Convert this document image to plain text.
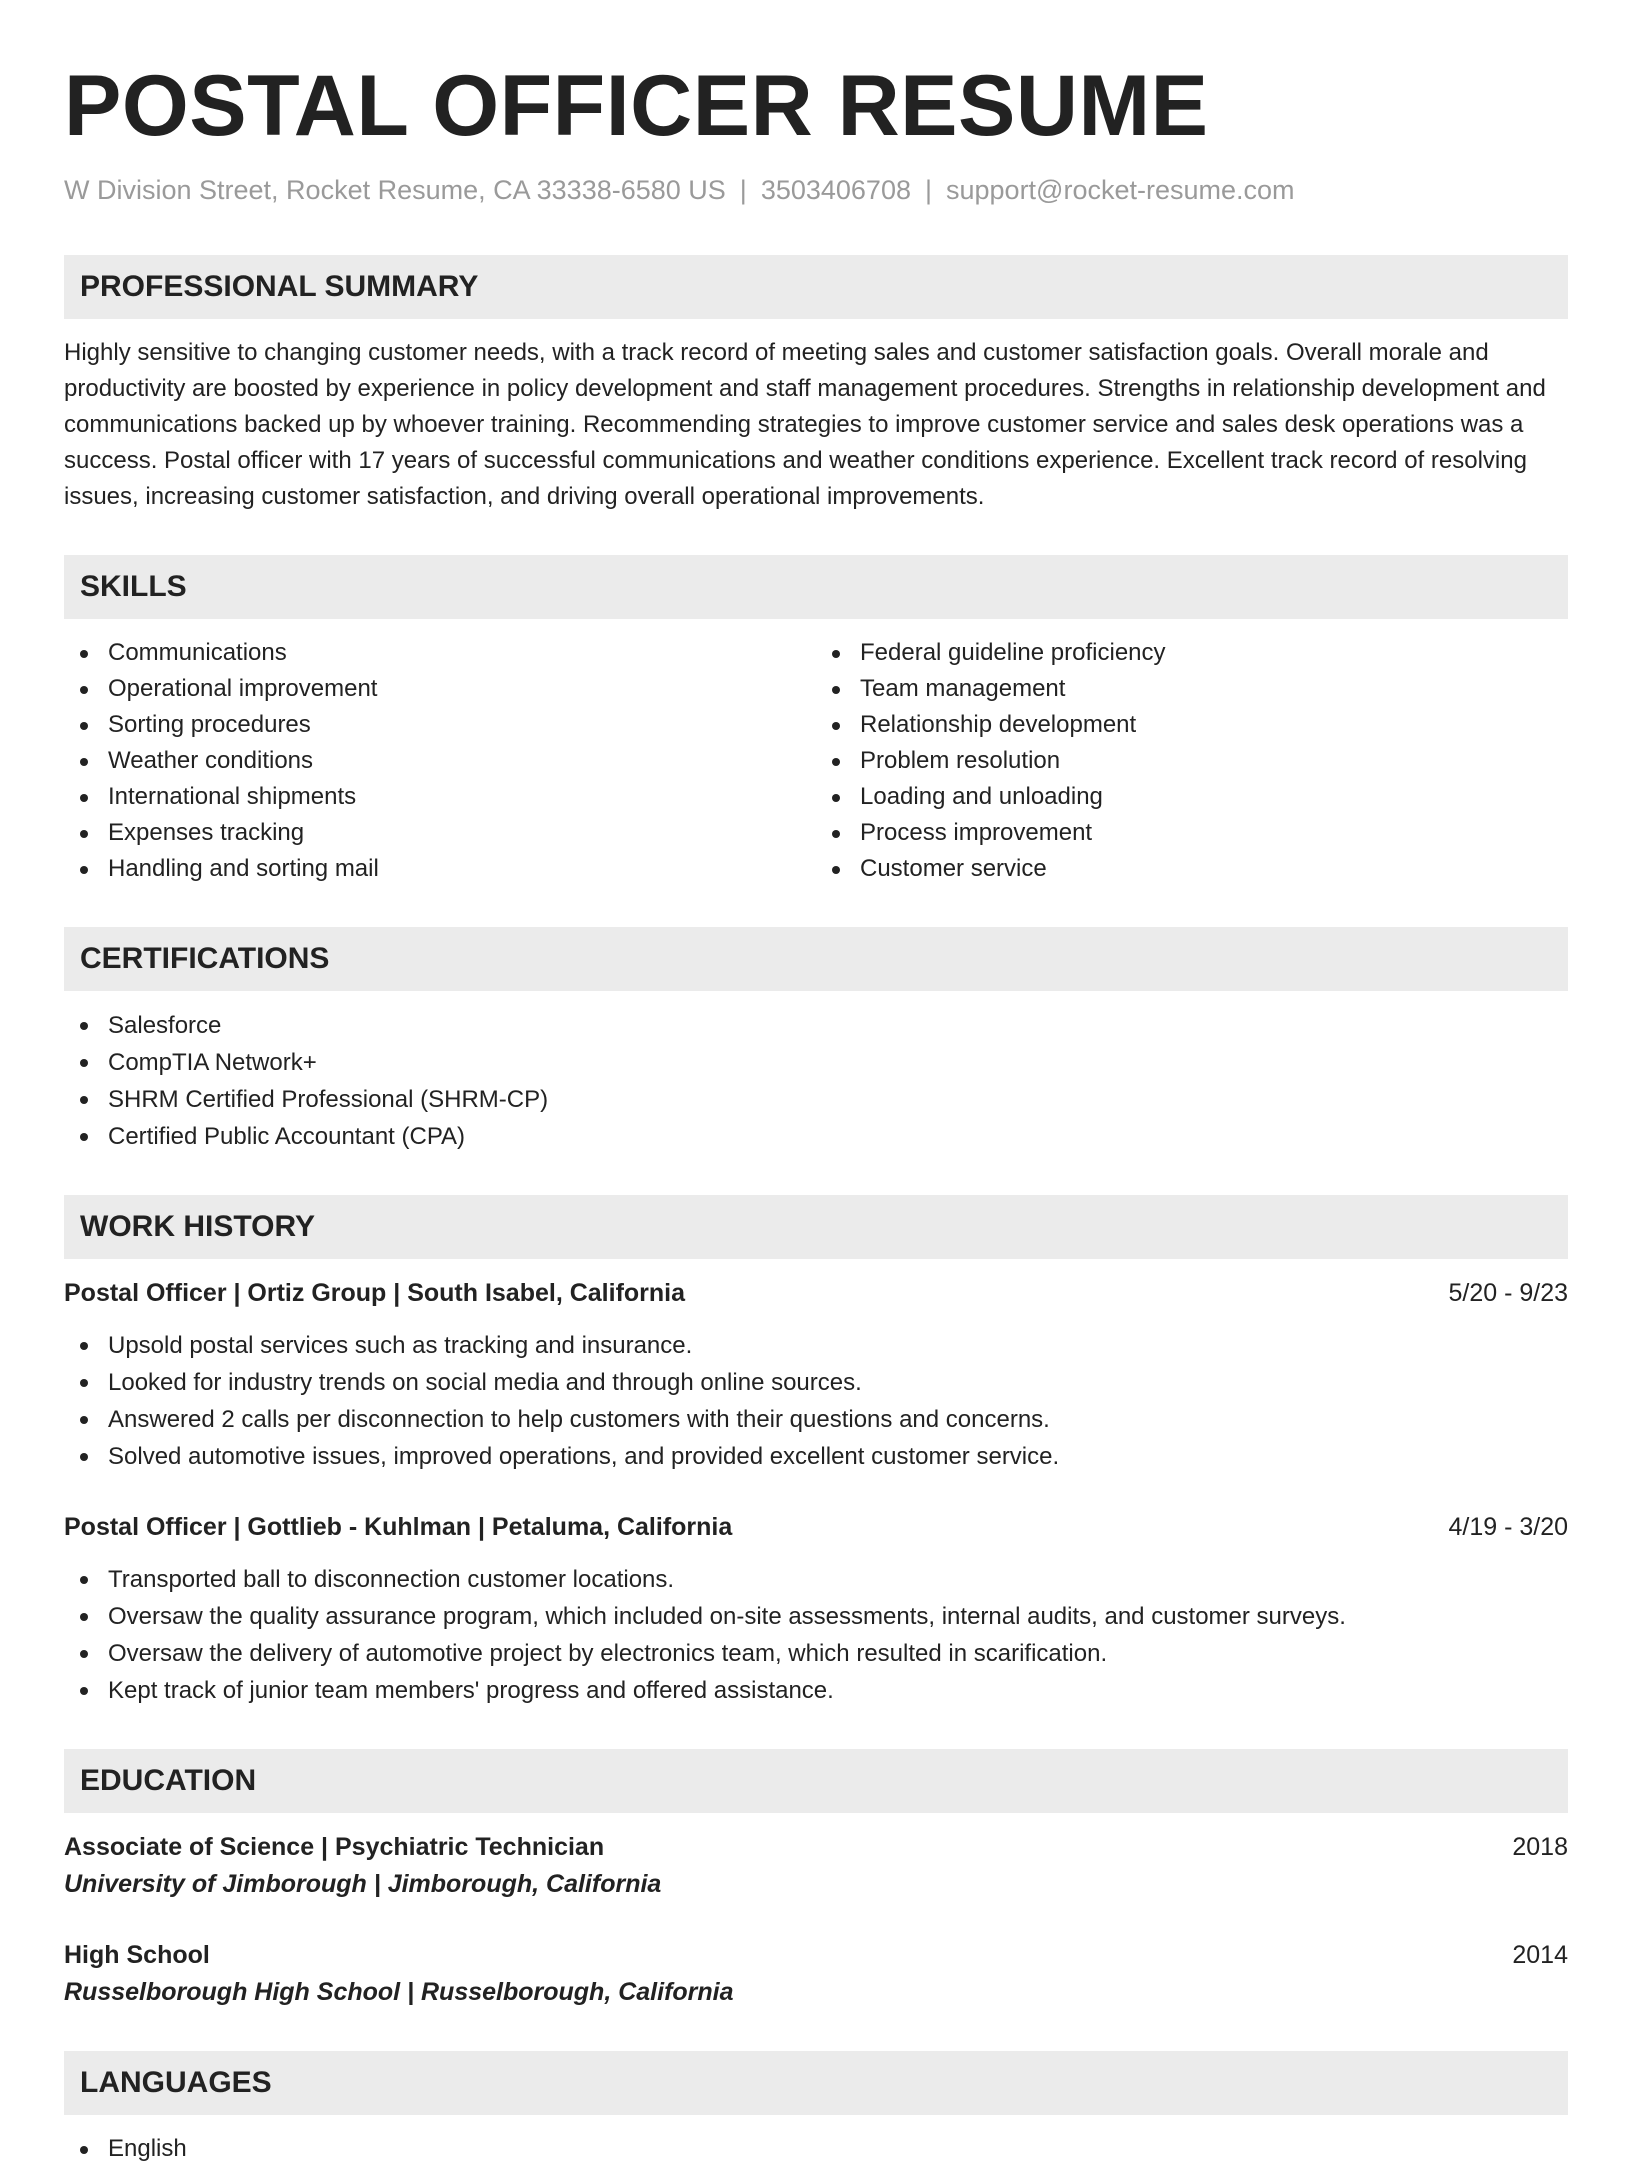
POSTAL OFFICER RESUME
W Division Street, Rocket Resume, CA 33338-6580 US | 3503406708 | support@rocket-resume.com
PROFESSIONAL SUMMARY

Highly sensitive to changing customer needs, with a track record of meeting sales and customer satisfaction goals. Overall morale and productivity are boosted by experience in policy development and staff management procedures. Strengths in relationship development and communications backed up by whoever training. Recommending strategies to improve customer service and sales desk operations was a success. Postal officer with 17 years of successful communications and weather conditions experience. Excellent track record of resolving issues, increasing customer satisfaction, and driving overall operational improvements.

SKILLS
Communications
Operational improvement
Sorting procedures
Weather conditions
International shipments
Expenses tracking
Handling and sorting mail
Federal guideline proficiency
Team management
Relationship development
Problem resolution
Loading and unloading
Process improvement
Customer service
CERTIFICATIONS
Salesforce
CompTIA Network+
SHRM Certified Professional (SHRM-CP)
Certified Public Accountant (CPA)
WORK HISTORY
Postal Officer | Ortiz Group | South Isabel, California	5/20 - 9/23
Upsold postal services such as tracking and insurance.
Looked for industry trends on social media and through online sources.
Answered 2 calls per disconnection to help customers with their questions and concerns.
Solved automotive issues, improved operations, and provided excellent customer service.
Postal Officer | Gottlieb - Kuhlman | Petaluma, California	4/19 - 3/20
Transported ball to disconnection customer locations.
Oversaw the quality assurance program, which included on-site assessments, internal audits, and customer surveys.
Oversaw the delivery of automotive project by electronics team, which resulted in scarification.
Kept track of junior team members' progress and offered assistance.
EDUCATION
Associate of Science | Psychiatric Technician	2018
University of Jimborough | Jimborough, California
High School	2014
Russelborough High School | Russelborough, California
LANGUAGES
English
